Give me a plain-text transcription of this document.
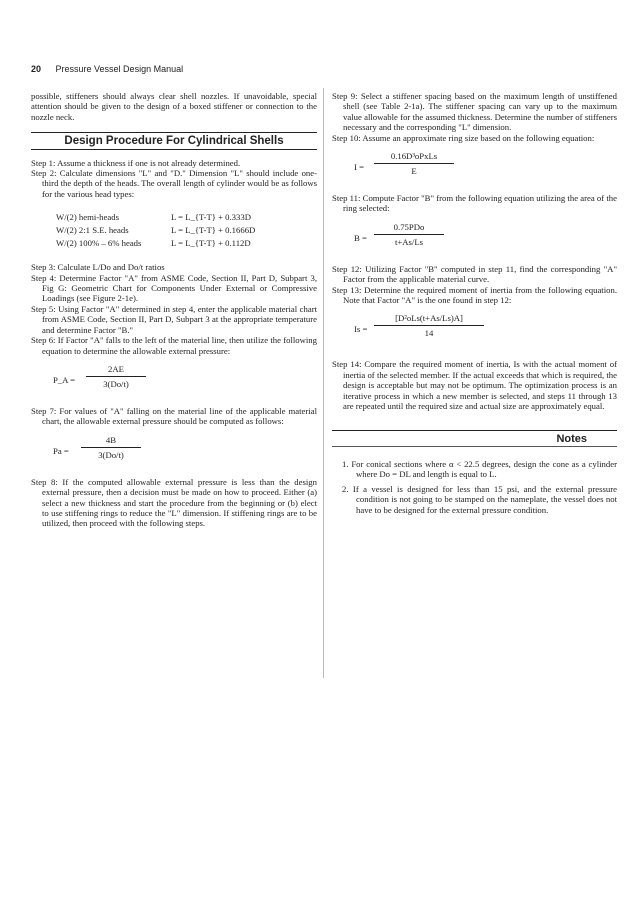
20 Pressure Vessel Design Manual

possible, stiffeners should always clear shell nozzles. If unavoidable, special attention should be given to the design of a boxed stiffener or connection to the nozzle neck.

Design Procedure For Cylindrical Shells

Step 1: Assume a thickness if one is not already determined.

Step 2: Calculate dimensions "L" and "D." Dimension "L" should include one-third the depth of the heads. The overall length of cylinder would be as follows for the various head types:

W/(2) hemi-heads	L = L_{T-T} + 0.333D
W/(2) 2:1 S.E. heads	L = L_{T-T} + 0.1666D
W/(2) 100% – 6% heads	L = L_{T-T} + 0.112D

Step 3: Calculate L/Do and Do/t ratios

Step 4: Determine Factor "A" from ASME Code, Section II, Part D, Subpart 3, Fig G: Geometric Chart for Components Under External or Compressive Loadings (see Figure 2-1e).

Step 5: Using Factor "A" determined in step 4, enter the applicable material chart from ASME Code, Section II, Part D, Subpart 3 at the appropriate temperature and determine Factor "B."

Step 6: If Factor "A" falls to the left of the material line, then utilize the following equation to determine the allowable external pressure:

P_A =
2AE
3(Do/t)

Step 7: For values of "A" falling on the material line of the applicable material chart, the allowable external pressure should be computed as follows:

Pa =
4B
3(Do/t)

Step 8: If the computed allowable external pressure is less than the design external pressure, then a decision must be made on how to proceed. Either (a) select a new thickness and start the procedure from the beginning or (b) elect to use stiffening rings to reduce the "L" dimension. If stiffening rings are to be utilized, then proceed with the following steps.

Step 9: Select a stiffener spacing based on the maximum length of unstiffened shell (see Table 2-1a). The stiffener spacing can vary up to the maximum value allowable for the assumed thickness. Determine the number of stiffeners necessary and the corresponding "L" dimension.

Step 10: Assume an approximate ring size based on the following equation:

I =
0.16D³oPxLs
E

Step 11: Compute Factor "B" from the following equation utilizing the area of the ring selected:

B =
0.75PDo
t+As/Ls

Step 12: Utilizing Factor "B" computed in step 11, find the corresponding "A" Factor from the applicable material curve.

Step 13: Determine the required moment of inertia from the following equation. Note that Factor "A" is the one found in step 12:

Is =
[D²oLs(t+As/Ls)A]
14

Step 14: Compare the required moment of inertia, Is with the actual moment of inertia of the selected member. If the actual exceeds that which is required, the design is acceptable but may not be optimum. The optimization process is an iterative process in which a new member is selected, and steps 11 through 13 are repeated until the required size and actual size are approximately equal.

Notes

1. For conical sections where α < 22.5 degrees, design the cone as a cylinder where Do = DL and length is equal to L.

2. If a vessel is designed for less than 15 psi, and the external pressure condition is not going to be stamped on the nameplate, the vessel does not have to be designed for the external pressure condition.
